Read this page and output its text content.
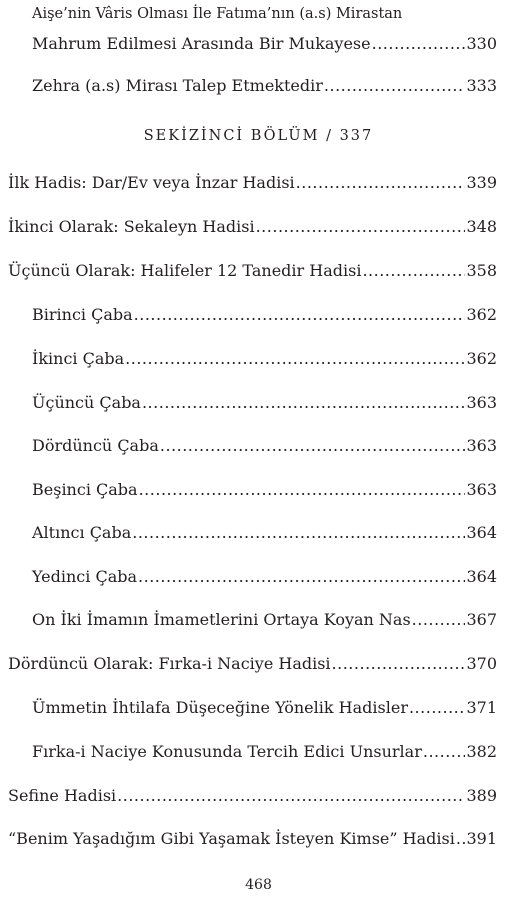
Aişe’nin Vâris Olması İle Fatıma’nın (a.s) Mirastan
Mahrum Edilmesi Arasında Bir Mukayese .....	330
Zehra (a.s) Mirası Talep Etmektedir .....	333
SEKİZİNCİ BÖLÜM / 337
İlk Hadis: Dar/Ev veya İnzar Hadisi .....	339
İkinci Olarak: Sekaleyn Hadisi .....	348
Üçüncü Olarak: Halifeler 12 Tanedir Hadisi .....	358
Birinci Çaba .....	362
İkinci Çaba .....	362
Üçüncü Çaba .....	363
Dördüncü Çaba .....	363
Beşinci Çaba .....	363
Altıncı Çaba .....	364
Yedinci Çaba .....	364
On İki İmamın İmametlerini Ortaya Koyan Nas .....	367
Dördüncü Olarak: Fırka-i Naciye Hadisi .....	370
Ümmetin İhtilafa Düşeceğine Yönelik Hadisler .....	371
Fırka-i Naciye Konusunda Tercih Edici Unsurlar .....	382
Sefine Hadisi .....	389
“Benim Yaşadığım Gibi Yaşamak İsteyen Kimse” Hadisi ..... 391
468
